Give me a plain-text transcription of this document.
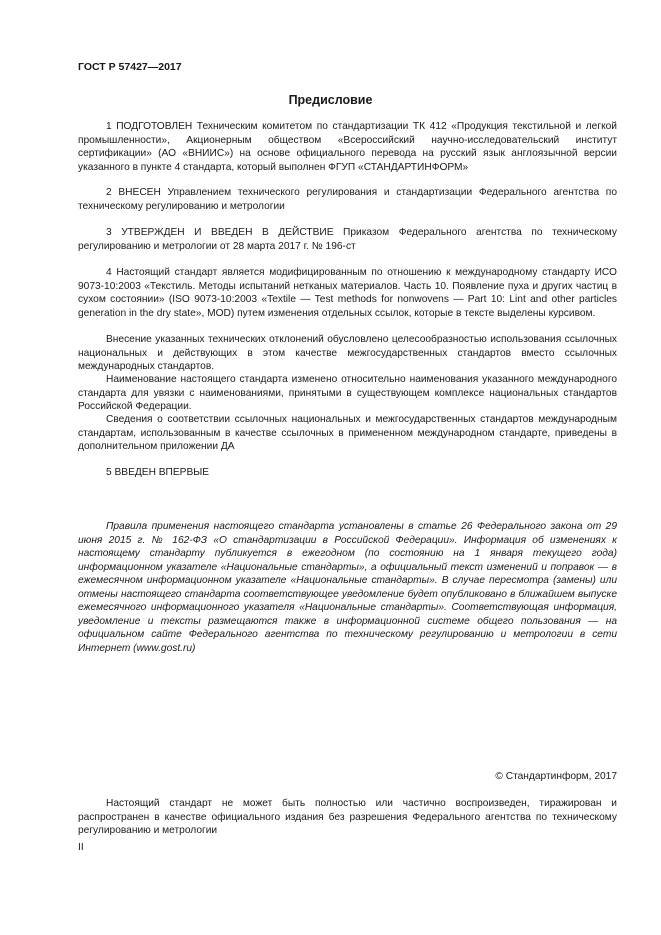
ГОСТ Р 57427—2017
Предисловие

1 ПОДГОТОВЛЕН Техническим комитетом по стандартизации ТК 412 «Продукция текстильной и легкой промышленности», Акционерным обществом «Всероссийский научно-исследовательский институт сертификации» (АО «ВНИИС») на основе официального перевода на русский язык англоязычной версии указанного в пункте 4 стандарта, который выполнен ФГУП «СТАНДАРТИНФОРМ»

2 ВНЕСЕН Управлением технического регулирования и стандартизации Федерального агентства по техническому регулированию и метрологии

3 УТВЕРЖДЕН И ВВЕДЕН В ДЕЙСТВИЕ Приказом Федерального агентства по техническому регулированию и метрологии от 28 марта 2017 г. № 196-ст

4 Настоящий стандарт является модифицированным по отношению к международному стандарту ИСО 9073-10:2003 «Текстиль. Методы испытаний нетканых материалов. Часть 10. Появление пуха и других частиц в сухом состоянии» (ISO 9073-10:2003 «Textile — Test methods for nonwovens — Part 10: Lint and other particles generation in the dry state», MOD) путем изменения отдельных ссылок, которые в тексте выделены курсивом.

Внесение указанных технических отклонений обусловлено целесообразностью использования ссылочных национальных и действующих в этом качестве межгосударственных стандартов вместо ссылочных международных стандартов.

Наименование настоящего стандарта изменено относительно наименования указанного международного стандарта для увязки с наименованиями, принятыми в существующем комплексе национальных стандартов Российской Федерации.

Сведения о соответствии ссылочных национальных и межгосударственных стандартов международным стандартам, использованным в качестве ссылочных в примененном международном стандарте, приведены в дополнительном приложении ДА

5 ВВЕДЕН ВПЕРВЫЕ

Правила применения настоящего стандарта установлены в статье 26 Федерального закона от 29 июня 2015 г. № 162-ФЗ «О стандартизации в Российской Федерации». Информация об изменениях к настоящему стандарту публикуется в ежегодном (по состоянию на 1 января текущего года) информационном указателе «Национальные стандарты», а официальный текст изменений и поправок — в ежемесячном информационном указателе «Национальные стандарты». В случае пересмотра (замены) или отмены настоящего стандарта соответствующее уведомление будет опубликовано в ближайшем выпуске ежемесячного информационного указателя «Национальные стандарты». Соответствующая информация, уведомление и тексты размещаются также в информационной системе общего пользования — на официальном сайте Федерального агентства по техническому регулированию и метрологии в сети Интернет (www.gost.ru)

© Стандартинформ, 2017

Настоящий стандарт не может быть полностью или частично воспроизведен, тиражирован и распространен в качестве официального издания без разрешения Федерального агентства по техническому регулированию и метрологии

II
